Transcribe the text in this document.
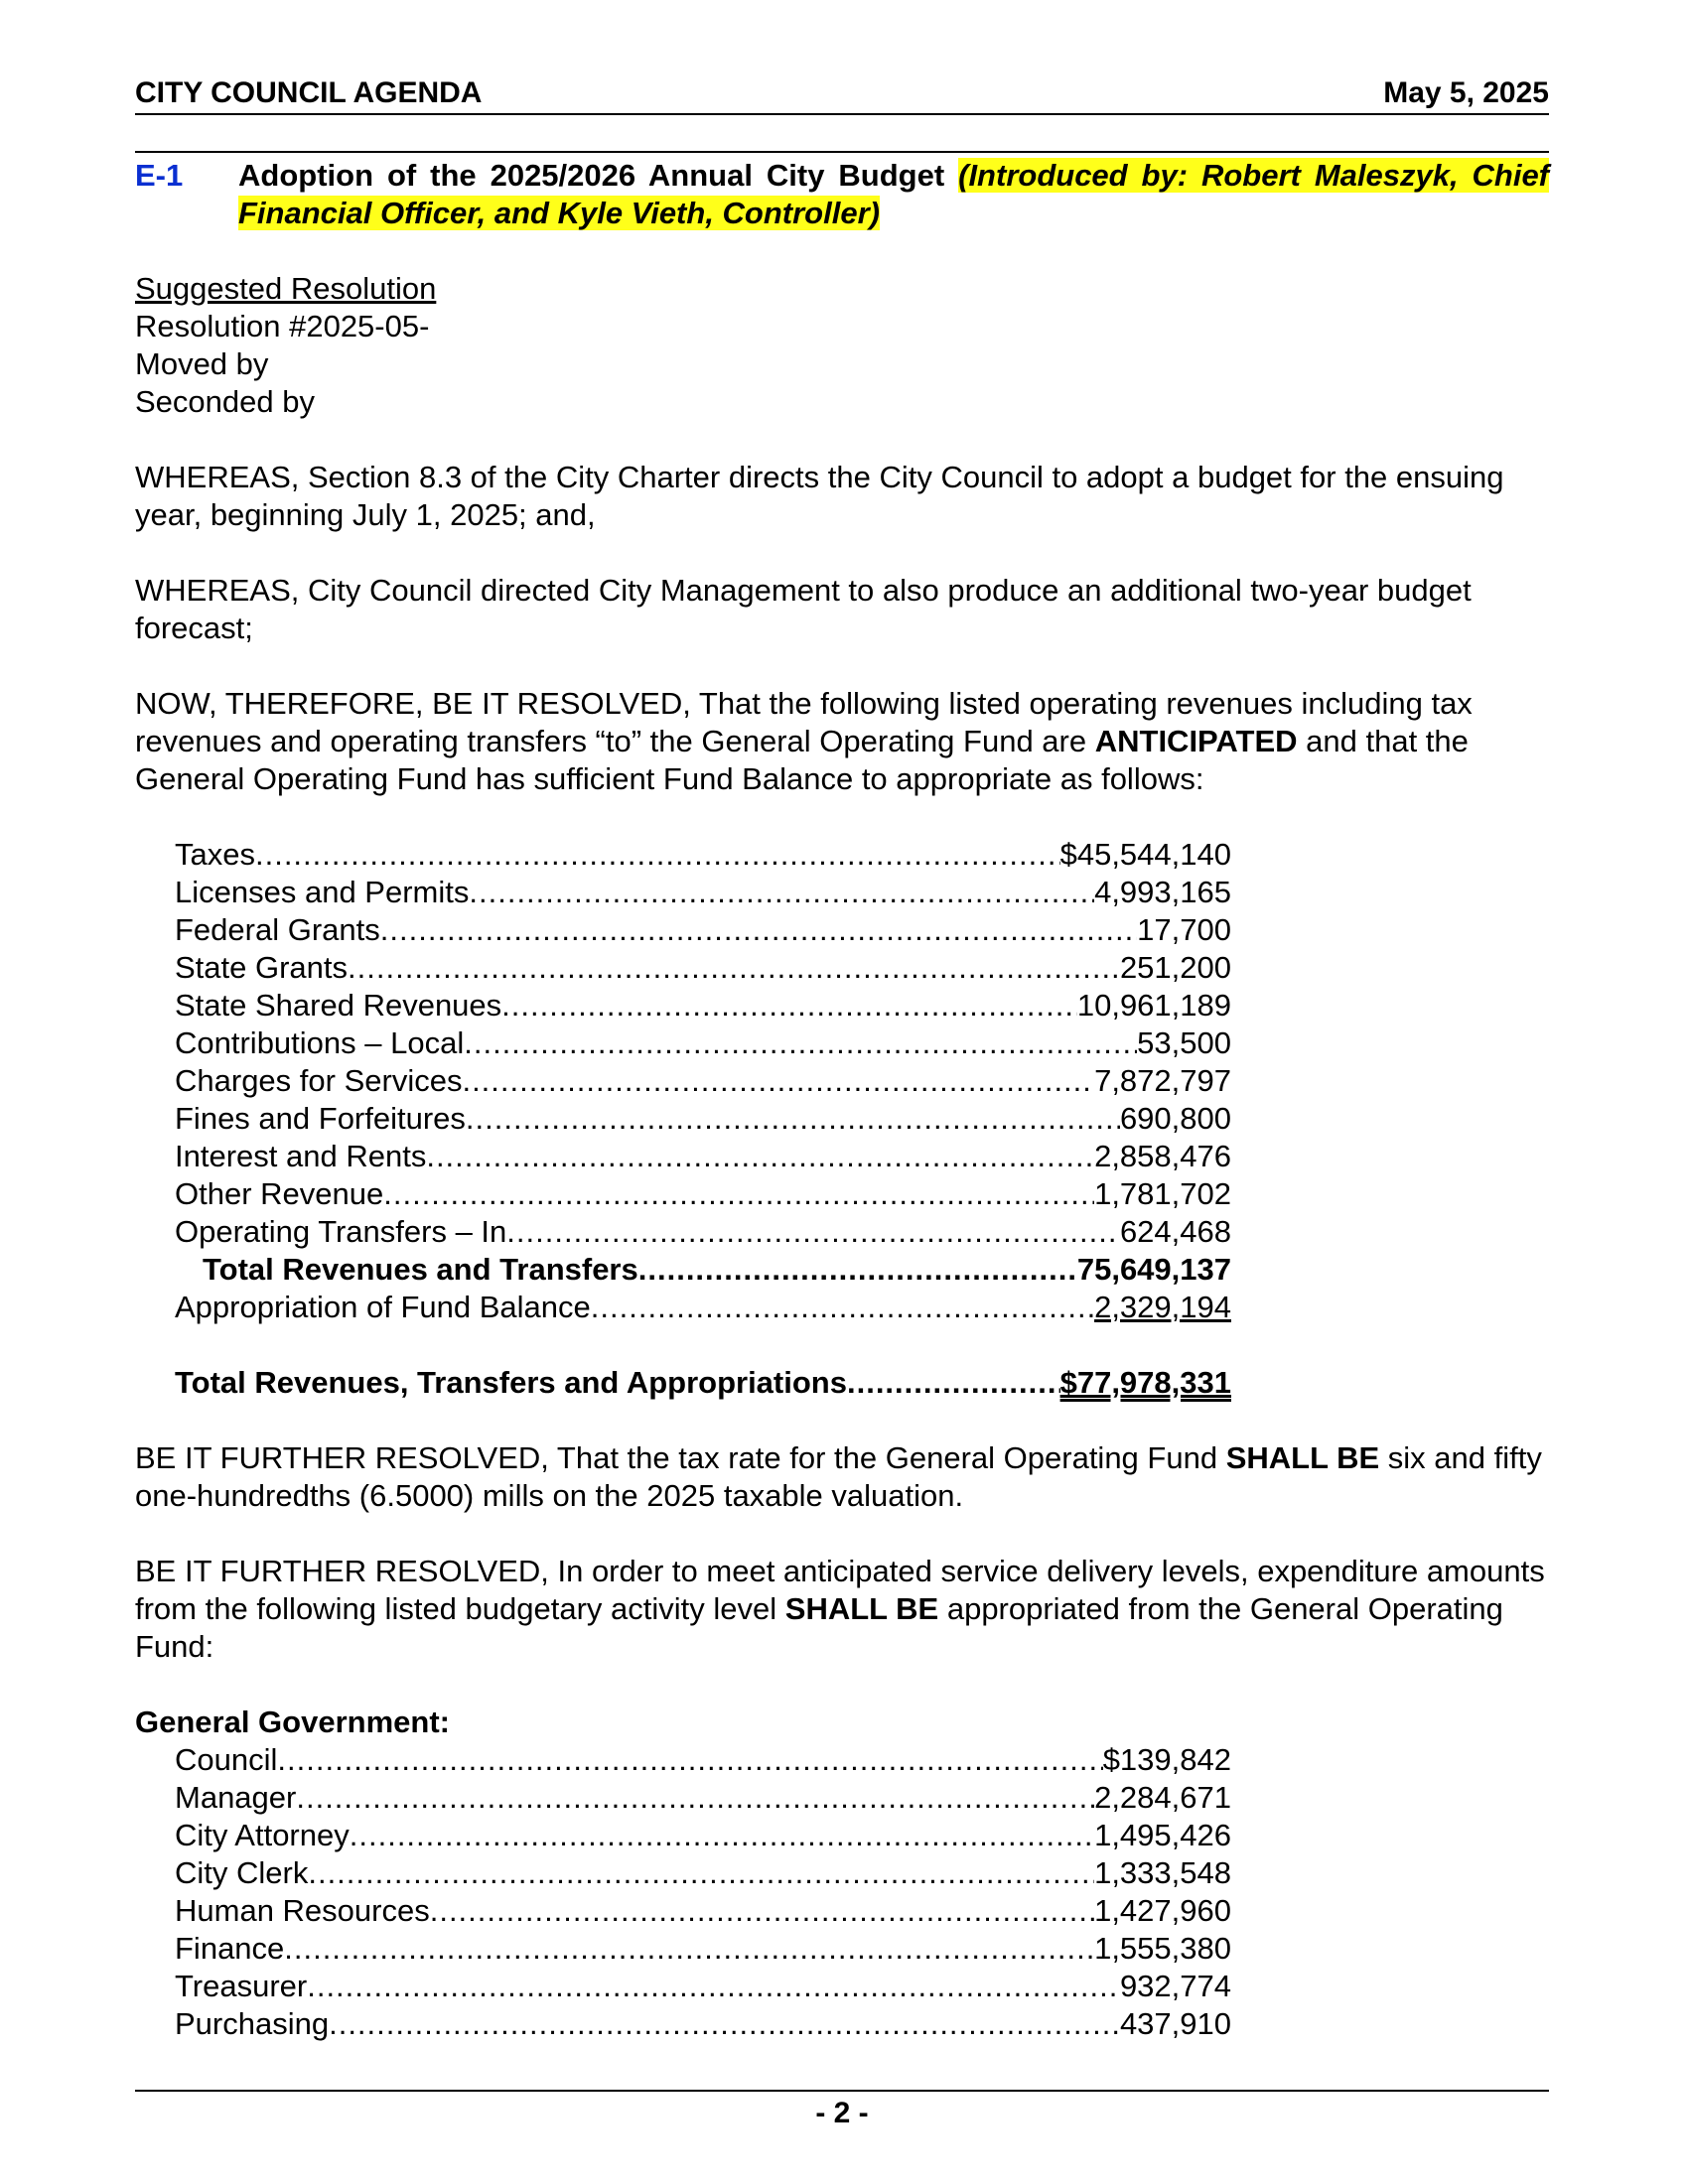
CITY COUNCIL AGENDA	May 5, 2025
E-1	Adoption of the 2025/2026 Annual City Budget (Introduced by: Robert Maleszyk, Chief Financial Officer, and Kyle Vieth, Controller)
Suggested Resolution
Resolution #2025-05-
Moved by
Seconded by
WHEREAS, Section 8.3 of the City Charter directs the City Council to adopt a budget for the ensuing year, beginning July 1, 2025; and,
WHEREAS, City Council directed City Management to also produce an additional two-year budget forecast;
NOW, THEREFORE, BE IT RESOLVED, That the following listed operating revenues including tax revenues and operating transfers “to” the General Operating Fund are ANTICIPATED and that the General Operating Fund has sufficient Fund Balance to appropriate as follows:
Taxes .....	$45,544,140
Licenses and Permits .....	4,993,165
Federal Grants .....	17,700
State Grants .....	251,200
State Shared Revenues .....	10,961,189
Contributions – Local .....	53,500
Charges for Services .....	7,872,797
Fines and Forfeitures .....	690,800
Interest and Rents .....	2,858,476
Other Revenue .....	1,781,702
Operating Transfers – In .....	624,468
Total Revenues and Transfers .....	75,649,137
Appropriation of Fund Balance .....	2,329,194
Total Revenues, Transfers and Appropriations .....	$77,978,331
BE IT FURTHER RESOLVED, That the tax rate for the General Operating Fund SHALL BE six and fifty one-hundredths (6.5000) mills on the 2025 taxable valuation.
BE IT FURTHER RESOLVED, In order to meet anticipated service delivery levels, expenditure amounts from the following listed budgetary activity level SHALL BE appropriated from the General Operating Fund:
General Government:
Council .....	$139,842
Manager .....	2,284,671
City Attorney .....	1,495,426
City Clerk .....	1,333,548
Human Resources .....	1,427,960
Finance .....	1,555,380
Treasurer .....	932,774
Purchasing .....	437,910
- 2 -
